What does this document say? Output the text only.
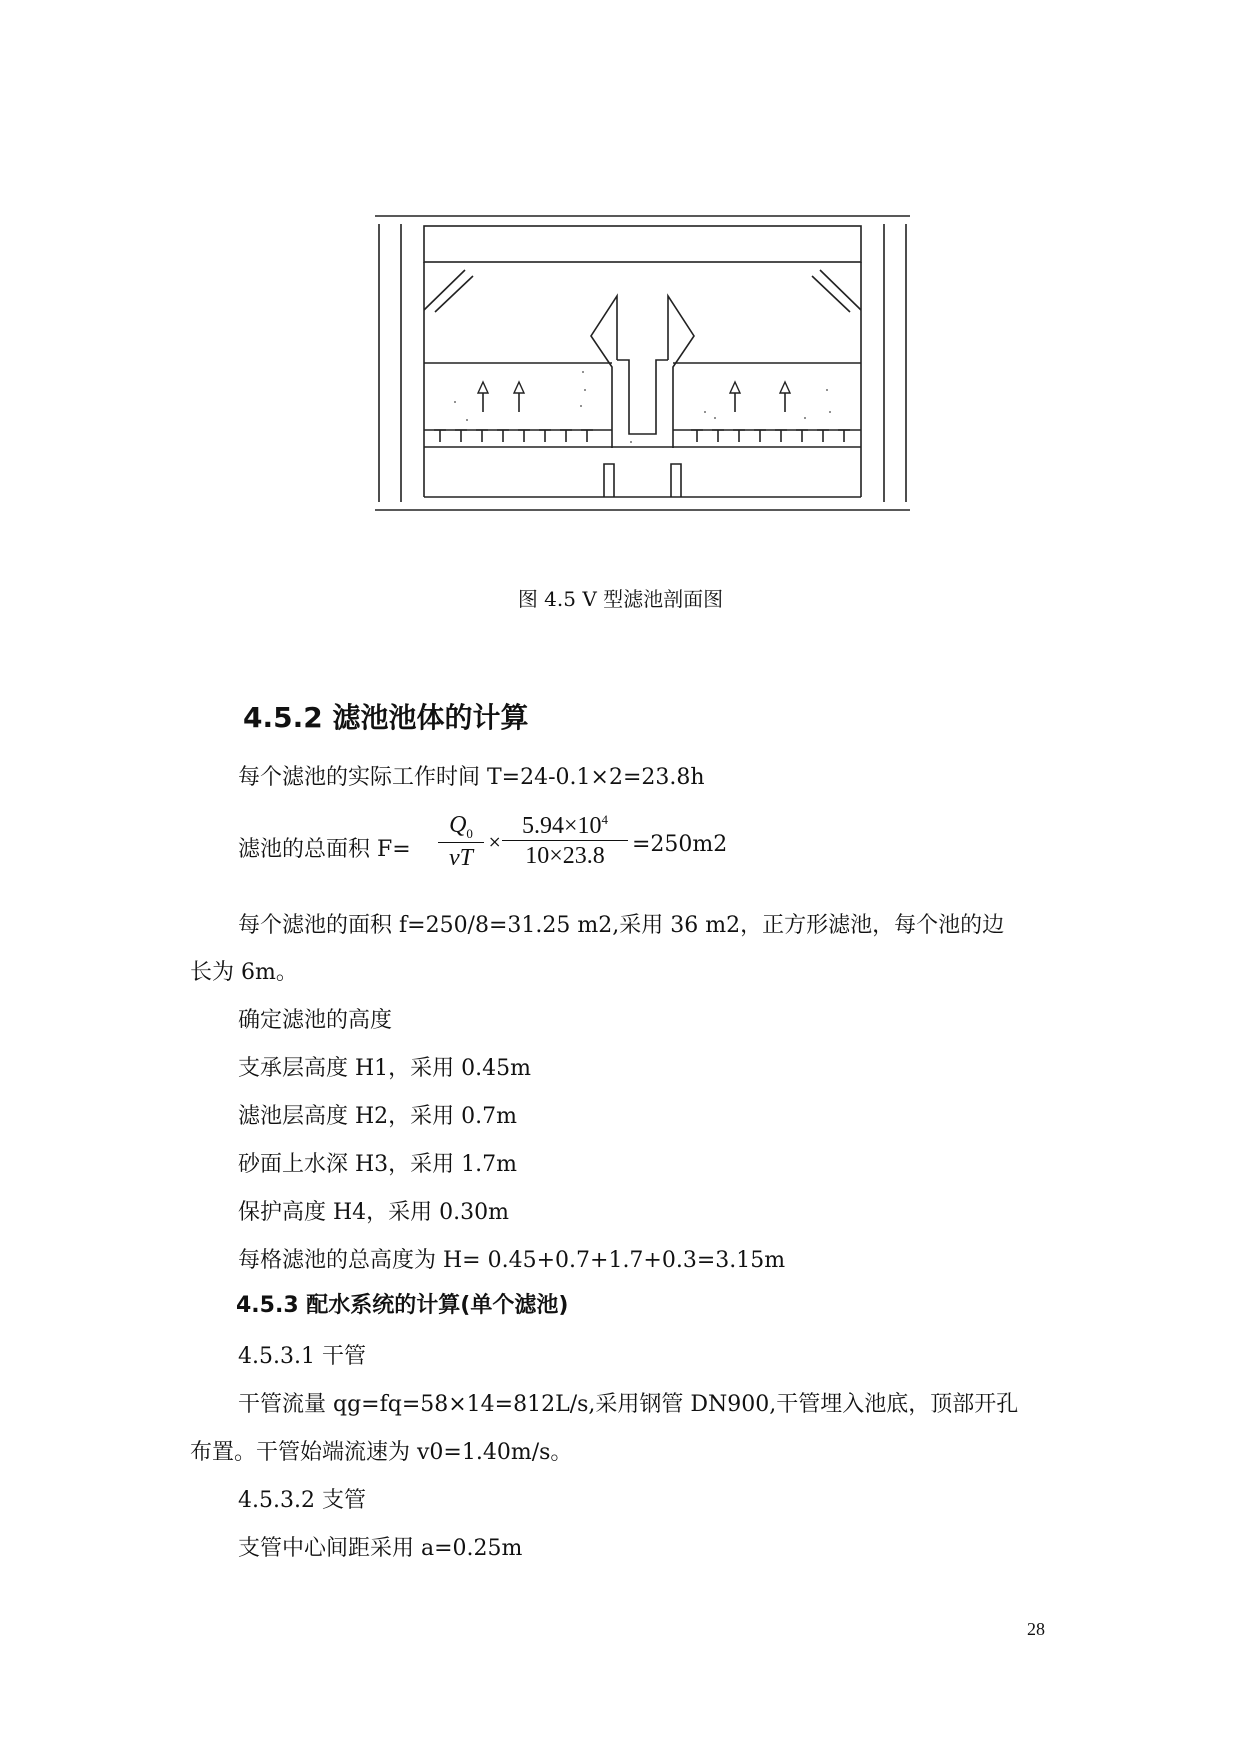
图 4.5 V 型滤池剖面图
4.5.2 滤池池体的计算
每个滤池的实际工作时间 T=24-0.1×2=23.8h
滤池的总面积 $F= \frac{Q_0}{vT} \times \frac{5.94\times 10^4}{10\times 23.8} =250m2$
每个滤池的面积 f=250/8=31.25 m2,采用 36 m2，正方形滤池，每个池的边
长为 6m。
确定滤池的高度
支承层高度 H1，采用 0.45m
滤池层高度 H2，采用 0.7m
砂面上水深 H3，采用 1.7m
保护高度 H4，采用 0.30m
每格滤池的总高度为 H= 0.45+0.7+1.7+0.3=3.15m
4.5.3 配水系统的计算(单个滤池)
4.5.3.1 干管
干管流量 qg=fq=58×14=812L/s,采用钢管 DN900,干管埋入池底，顶部开孔
布置。干管始端流速为 v0=1.40m/s。
4.5.3.2 支管
支管中心间距采用 a=0.25m
28
